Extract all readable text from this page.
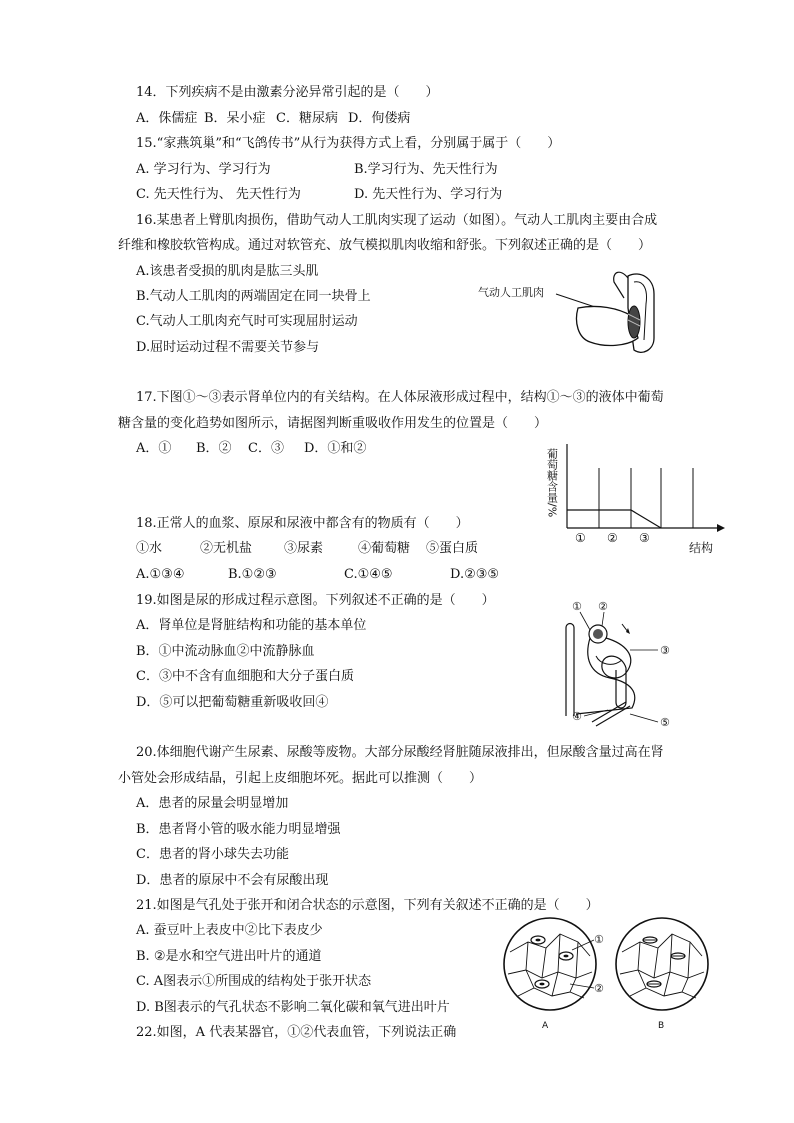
14．下列疾病不是由激素分泌异常引起的是（　　）
A．侏儒症 B．呆小症 C．糖尿病 D．佝偻病
15.“家燕筑巢”和“飞鸽传书”从行为获得方式上看，分别属于属于（　　）
A. 学习行为、学习行为	B.学习行为、先天性行为
C. 先天性行为、 先天性行为	D. 先天性行为、学习行为
16.某患者上臂肌肉损伤，借助气动人工肌肉实现了运动（如图）。气动人工肌肉主要由合成
纤维和橡胶软管构成。通过对软管充、放气模拟肌肉收缩和舒张。下列叙述正确的是（　　）
A.该患者受损的肌肉是肱三头肌
B.气动人工肌肉的两端固定在同一块骨上
C.气动人工肌肉充气时可实现屈肘运动
D.屈时运动过程不需要关节参与
气动人工肌肉
17.下图①～③表示肾单位内的有关结构。在人体尿液形成过程中，结构①～③的液体中葡萄
糖含量的变化趋势如图所示，请据图判断重吸收作用发生的位置是（　　）
A．① B．② C．③ D．①和②	葡萄糖含量/%
① ② ③
结构
18.正常人的血浆、原尿和尿液中都含有的物质有（　　）
①水	②无机盐 ③尿素	④葡萄糖 ⑤蛋白质
A.①③④	B.①②③	C.①④⑤	D.②③⑤
19.如图是尿的形成过程示意图。下列叙述不正确的是（　　）
A．肾单位是肾脏结构和功能的基本单位
B．①中流动脉血②中流静脉血
C．③中不含有血细胞和大分子蛋白质
D．⑤可以把葡萄糖重新吸收回④
① ②
③
④	⑤
20.体细胞代谢产生尿素、尿酸等废物。大部分尿酸经肾脏随尿液排出，但尿酸含量过高在肾
小管处会形成结晶，引起上皮细胞坏死。据此可以推测（　　）
A．患者的尿量会明显增加
B．患者肾小管的吸水能力明显增强
C．患者的肾小球失去功能
D．患者的原尿中不会有尿酸出现
21.如图是气孔处于张开和闭合状态的示意图，下列有关叙述不正确的是（　　）
A. 蚕豆叶上表皮中②比下表皮少
B. ②是水和空气进出叶片的通道
C. A图表示①所围成的结构处于张开状态
D. B图表示的气孔状态不影响二氧化碳和氧气进出叶片
①
②
A	B
22.如图，A 代表某器官，①②代表血管，下列说法正确
